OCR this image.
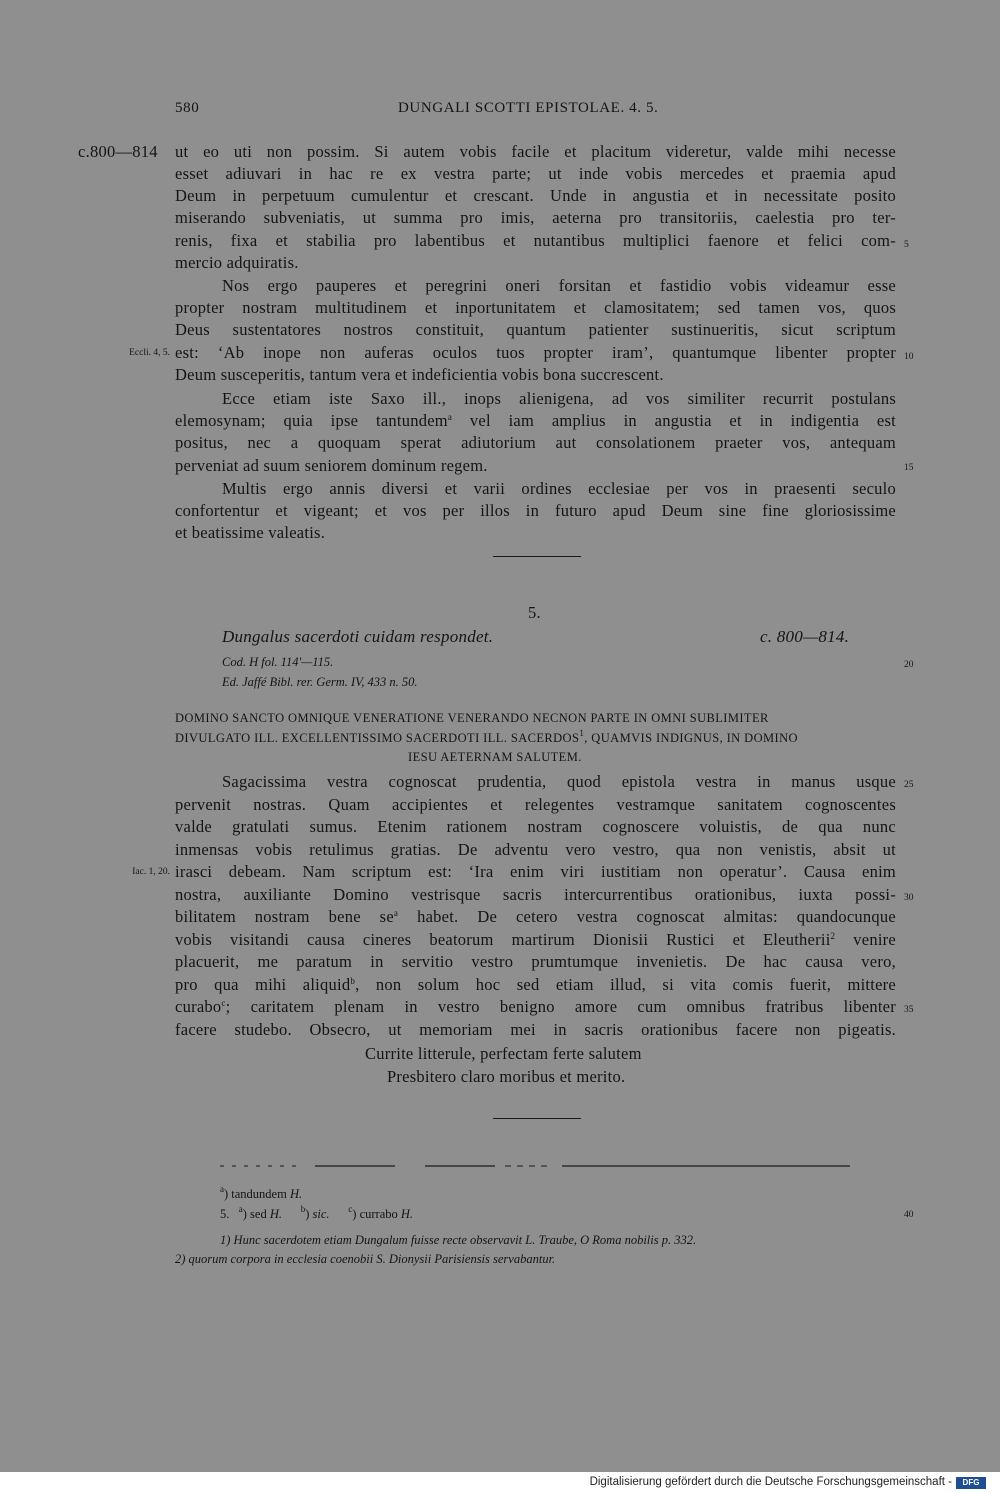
580	DUNGALI SCOTTI EPISTOLAE. 4. 5.
c.800—814 ut eo uti non possim. Si autem vobis facile et placitum videretur, valde mihi necesse
esset adiuvari in hac re ex vestra parte; ut inde vobis mercedes et praemia apud
Deum in perpetuum cumulentur et crescant. Unde in angustia et in necessitate posito
miserando subveniatis, ut summa pro imis, aeterna pro transitoriis, caelestia pro ter-
renis, fixa et stabilia pro labentibus et nutantibus multiplici faenore et felici com-
mercio adquiratis.
Nos ergo pauperes et peregrini oneri forsitan et fastidio vobis videamur esse
propter nostram multitudinem et inportunitatem et clamositatem; sed tamen vos, quos
Deus sustentatores nostros constituit, quantum patienter sustinueritis, sicut scriptum
Eccli. 4, 5. est: ‘Ab inope non auferas oculos tuos propter iram’, quantumque libenter propter
Deum susceperitis, tantum vera et indeficientia vobis bona succrescent.
Ecce etiam iste Saxo ill., inops alienigena, ad vos similiter recurrit postulans
elemosynam; quia ipse tantundem$^a$ vel iam amplius in angustia et in indigentia est
positus, nec a quoquam sperat adiutorium aut consolationem praeter vos, antequam
perveniat ad suum seniorem dominum regem.
Multis ergo annis diversi et varii ordines ecclesiae per vos in praesenti seculo
confortentur et vigeant; et vos per illos in futuro apud Deum sine fine gloriosissime
et beatissime valeatis.
5.
Dungalus sacerdoti cuidam respondet.	c. 800—814.
Cod. H fol. 114'—115.
Ed. Jaffé Bibl. rer. Germ. IV, 433 n. 50.
DOMINO SANCTO OMNIQUE VENERATIONE VENERANDO NECNON PARTE IN OMNI SUBLIMITER
DIVULGATO ILL. EXCELLENTISSIMO SACERDOTI ILL. SACERDOS$^1$, QUAMVIS INDIGNUS, IN DOMINO
IESU AETERNAM SALUTEM.
Sagacissima vestra cognoscat prudentia, quod epistola vestra in manus usque
pervenit nostras. Quam accipientes et relegentes vestramque sanitatem cognoscentes
valde gratulati sumus. Etenim rationem nostram cognoscere voluistis, de qua nunc
inmensas vobis retulimus gratias. De adventu vero vestro, qua non venistis, absit ut
Iac. 1, 20. irasci debeam. Nam scriptum est: ‘Ira enim viri iustitiam non operatur’. Causa enim
nostra, auxiliante Domino vestrisque sacris intercurrentibus orationibus, iuxta possi-
bilitatem nostram bene $se^a$ habet. De cetero vestra cognoscat almitas: quandocunque
vobis visitandi causa cineres beatorum martirum Dionisii Rustici et Eleutherii$^2$ venire
placuerit, me paratum in servitio vestro prumtumque invenietis. De hac causa vero,
pro qua mihi aliquid$^b$, non solum hoc sed etiam illud, si vita comis fuerit, mittere
curabo$^c$; caritatem plenam in vestro benigno amore cum omnibus fratribus libenter
facere studebo. Obsecro, ut memoriam mei in sacris orationibus facere non pigeatis.
Currite litterule, perfectam ferte salutem
Presbitero claro moribus et merito.
5
10
15
20
25
30
35
40
$^a$) tandundem H.
5. $^a$) sed H. $^b$) sic. $^c$) currabo H.
1) Hunc sacerdotem etiam Dungalum fuisse recte observavit L. Traube, O Roma nobilis p. 332.
2) quorum corpora in ecclesia coenobii S. Dionysii Parisiensis servabantur.
Digitalisierung gefördert durch die Deutsche Forschungsgemeinschaft -	DFG
